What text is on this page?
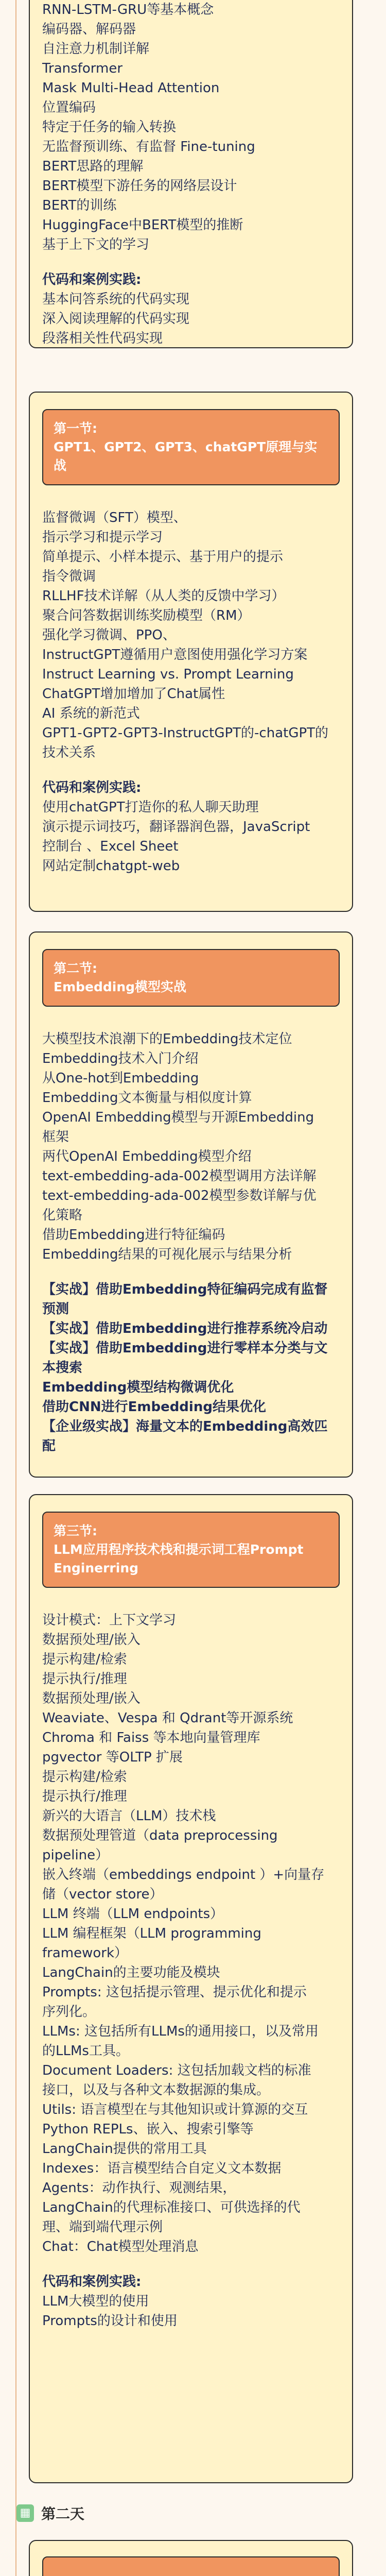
RNN-LSTM-GRU等基本概念

编码器、解码器

自注意力机制详解

Transformer

Mask Multi-Head Attention

位置编码

特定于任务的输入转换

无监督预训练、有监督 Fine-tuning

BERT思路的理解

BERT模型下游任务的网络层设计

BERT的训练

HuggingFace中BERT模型的推断

基于上下文的学习

代码和案例实践:

基本问答系统的代码实现

深入阅读理解的代码实现

段落相关性代码实现

第一节:
GPT1、GPT2、GPT3、chatGPT原理与实战

监督微调（SFT）模型、

指示学习和提示学习

简单提示、小样本提示、基于用户的提示

指令微调

RLLHF技术详解（从人类的反馈中学习）

聚合问答数据训练奖励模型（RM）

强化学习微调、PPO、

InstructGPT遵循用户意图使用强化学习方案

Instruct Learning vs. Prompt Learning

ChatGPT增加增加了Chat属性

AI 系统的新范式

GPT1-GPT2-GPT3-InstructGPT的-chatGPT的

技术关系

代码和案例实践:

使用chatGPT打造你的私人聊天助理

演示提示词技巧，翻译器润色器，JavaScript

控制台 、Excel Sheet

网站定制chatgpt-web

第二节:
Embedding模型实战

大模型技术浪潮下的Embedding技术定位

Embedding技术入门介绍

从One-hot到Embedding

Embedding文本衡量与相似度计算

OpenAI Embedding模型与开源Embedding

框架

两代OpenAI Embedding模型介绍

text-embedding-ada-002模型调用方法详解

text-embedding-ada-002模型参数详解与优

化策略

借助Embedding进行特征编码

Embedding结果的可视化展示与结果分析

【实战】借助Embedding特征编码完成有监督

预测

【实战】借助Embedding进行推荐系统冷启动

【实战】借助Embedding进行零样本分类与文

本搜索

Embedding模型结构微调优化

借助CNN进行Embedding结果优化

【企业级实战】海量文本的Embedding高效匹

配

第三节:
LLM应用程序技术栈和提示词工程Prompt
Enginerring

设计模式：上下文学习

数据预处理/嵌入

提示构建/检索

提示执行/推理

数据预处理/嵌入

Weaviate、Vespa 和 Qdrant等开源系统

Chroma 和 Faiss 等本地向量管理库

pgvector 等OLTP 扩展

提示构建/检索

提示执行/推理

新兴的大语言（LLM）技术栈

数据预处理管道（data preprocessing

pipeline）

嵌入终端（embeddings endpoint ）+向量存

储（vector store）

LLM 终端（LLM endpoints）

LLM 编程框架（LLM programming

framework）

LangChain的主要功能及模块

Prompts: 这包括提示管理、提示优化和提示

序列化。

LLMs: 这包括所有LLMs的通用接口，以及常用

的LLMs工具。

Document Loaders: 这包括加载文档的标准

接口，以及与各种文本数据源的集成。

Utils: 语言模型在与其他知识或计算源的交互

Python REPLs、嵌入、搜索引擎等

LangChain提供的常用工具

Indexes：语言模型结合自定义文本数据

Agents：动作执行、观测结果，

LangChain的代理标准接口、可供选择的代

理、端到端代理示例

Chat：Chat模型处理消息

代码和案例实践:

LLM大模型的使用

Prompts的设计和使用

▦ 第二天
